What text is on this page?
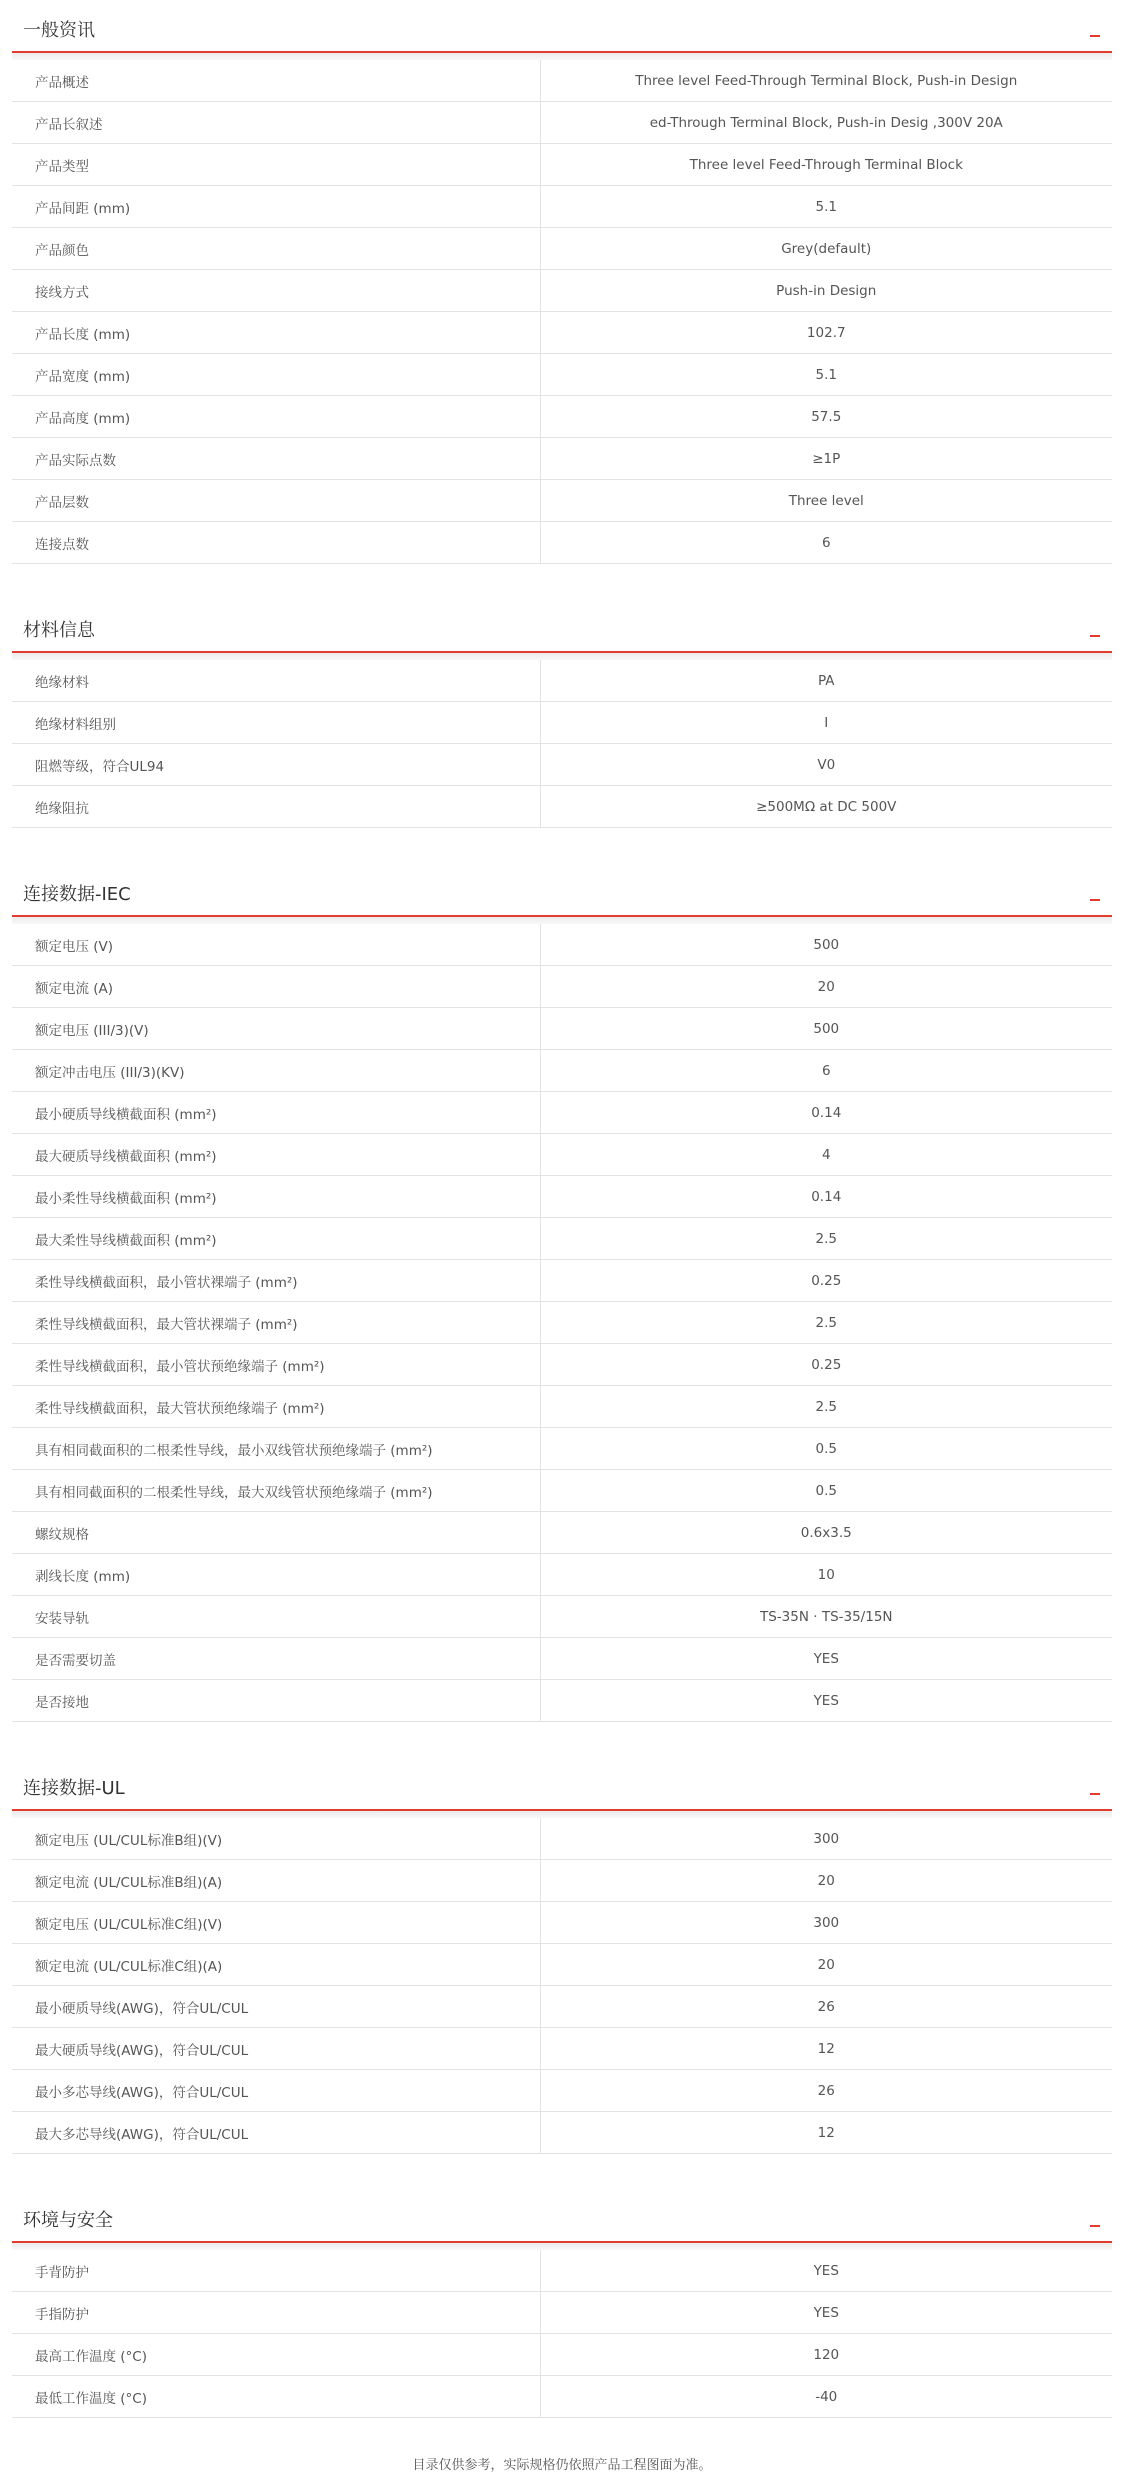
一般资讯
产品概述	Three level Feed-Through Terminal Block, Push-in Design
产品长叙述	ed-Through Terminal Block, Push-in Desig ,300V 20A
产品类型	Three level Feed-Through Terminal Block
产品间距 (mm)	5.1
产品颜色	Grey(default)
接线方式	Push-in Design
产品长度 (mm)	102.7
产品宽度 (mm)	5.1
产品高度 (mm)	57.5
产品实际点数	≥1P
产品层数	Three level
连接点数	6
材料信息
绝缘材料	PA
绝缘材料组别	I
阻燃等级，符合UL94	V0
绝缘阻抗	≥500MΩ at DC 500V
连接数据-IEC
额定电压 (V)	500
额定电流 (A)	20
额定电压 (III/3)(V)	500
额定冲击电压 (III/3)(KV)	6
最小硬质导线横截面积 (mm²)	0.14
最大硬质导线横截面积 (mm²)	4
最小柔性导线横截面积 (mm²)	0.14
最大柔性导线横截面积 (mm²)	2.5
柔性导线横截面积，最小管状裸端子 (mm²)	0.25
柔性导线横截面积，最大管状裸端子 (mm²)	2.5
柔性导线横截面积，最小管状预绝缘端子 (mm²)	0.25
柔性导线横截面积，最大管状预绝缘端子 (mm²)	2.5
具有相同截面积的二根柔性导线，最小双线管状预绝缘端子 (mm²)	0.5
具有相同截面积的二根柔性导线，最大双线管状预绝缘端子 (mm²)	0.5
螺纹规格	0.6x3.5
剥线长度 (mm)	10
安装导轨	TS-35N · TS-35/15N
是否需要切盖	YES
是否接地	YES
连接数据-UL
额定电压 (UL/CUL标准B组)(V)	300
额定电流 (UL/CUL标准B组)(A)	20
额定电压 (UL/CUL标准C组)(V)	300
额定电流 (UL/CUL标准C组)(A)	20
最小硬质导线(AWG)，符合UL/CUL	26
最大硬质导线(AWG)，符合UL/CUL	12
最小多芯导线(AWG)，符合UL/CUL	26
最大多芯导线(AWG)，符合UL/CUL	12
环境与安全
手背防护	YES
手指防护	YES
最高工作温度 (°C)	120
最低工作温度 (°C)	-40
目录仅供参考，实际规格仍依照产品工程图面为准。
